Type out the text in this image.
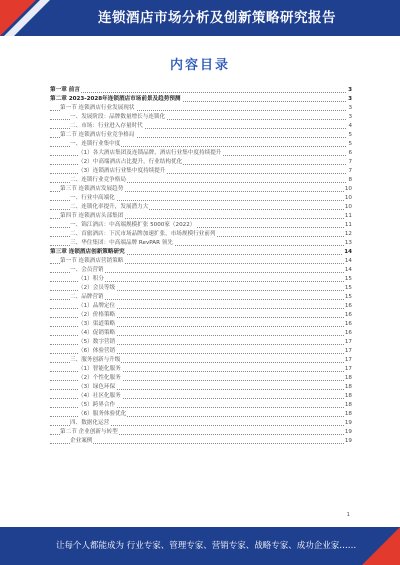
连锁酒店市场分析及创新策略研究报告
内容目录
第一章 前言	3
第二章 2023-2028年连锁酒店市场前景及趋势预测	3
第一节 连锁酒店行业发展现状	3
一、发展阶段：品牌数量增长与连锁化	3
二、市场：行业进入存量时代	4
第二节 连锁酒店行业竞争格局	5
一、连锁行业集中度	5
（1）各大酒店集团及连锁品牌，酒店行业集中度持续提升	6
（2）中高端酒店占比提升，行业结构优化	7
（3）连锁酒店行业集中度持续提升	7
二、连锁行业竞争格局	8
第三节 连锁酒店发展趋势	10
一、行业中高端化	10
二、连锁化率提升，发展潜力大	10
第四节 连锁酒店头部集团	11
一、锦江酒店：中高端规模扩张 5000家（2022）	11
二、首旅酒店：下沉市场品牌加速扩张，市场规模行业前列	12
三、华住集团：中高端品牌 RevPAR 领先	13
第三章 连锁酒店创新策略研究	14
第一节 连锁酒店营销策略	14
一、会员营销	14
（1）积分	15
（2）会员等级	15
二、品牌营销	15
（1）品牌定位	16
（2）价格策略	16
（3）渠道策略	16
（4）促销策略	16
（5）数字营销	17
（6）体验营销	17
三、服务创新与升级	17
（1）智能化服务	17
（2）个性化服务	18
（3）绿色环保	18
（4）社区化服务	18
（5）跨界合作	18
（6）服务体验优化	18
四、数据化运营	19
第二节 企业创新与转型	19
企业案例	19
1
让每个人都能成为 行业专家、管理专家、营销专家、战略专家、成功企业家……
